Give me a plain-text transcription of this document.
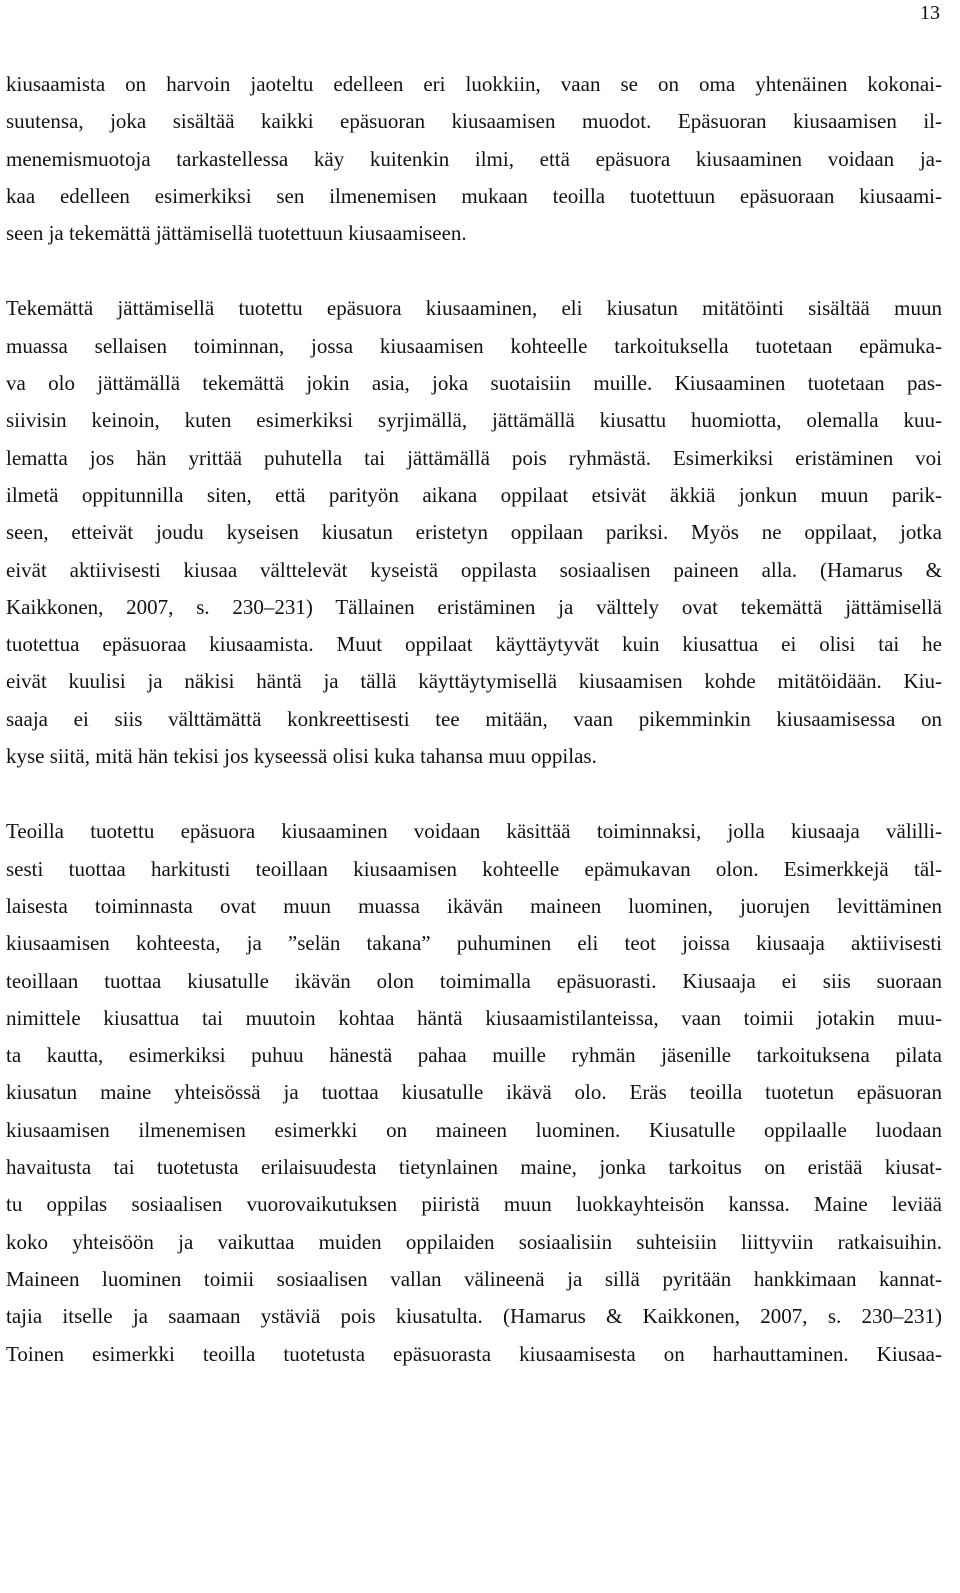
13
kiusaamista on harvoin jaoteltu edelleen eri luokkiin, vaan se on oma yhtenäinen kokonai-
suutensa, joka sisältää kaikki epäsuoran kiusaamisen muodot. Epäsuoran kiusaamisen il-
menemismuotoja tarkastellessa käy kuitenkin ilmi, että epäsuora kiusaaminen voidaan ja-
kaa edelleen esimerkiksi sen ilmenemisen mukaan teoilla tuotettuun epäsuoraan kiusaami-
seen ja tekemättä jättämisellä tuotettuun kiusaamiseen.
Tekemättä jättämisellä tuotettu epäsuora kiusaaminen, eli kiusatun mitätöinti sisältää muun
muassa sellaisen toiminnan, jossa kiusaamisen kohteelle tarkoituksella tuotetaan epämuka-
va olo jättämällä tekemättä jokin asia, joka suotaisiin muille. Kiusaaminen tuotetaan pas-
siivisin keinoin, kuten esimerkiksi syrjimällä, jättämällä kiusattu huomiotta, olemalla kuu-
lematta jos hän yrittää puhutella tai jättämällä pois ryhmästä. Esimerkiksi eristäminen voi
ilmetä oppitunnilla siten, että parityön aikana oppilaat etsivät äkkiä jonkun muun parik-
seen, etteivät joudu kyseisen kiusatun eristetyn oppilaan pariksi. Myös ne oppilaat, jotka
eivät aktiivisesti kiusaa välttelevät kyseistä oppilasta sosiaalisen paineen alla. (Hamarus &
Kaikkonen, 2007, s. 230–231) Tällainen eristäminen ja välttely ovat tekemättä jättämisellä
tuotettua epäsuoraa kiusaamista. Muut oppilaat käyttäytyvät kuin kiusattua ei olisi tai he
eivät kuulisi ja näkisi häntä ja tällä käyttäytymisellä kiusaamisen kohde mitätöidään. Kiu-
saaja ei siis välttämättä konkreettisesti tee mitään, vaan pikemminkin kiusaamisessa on
kyse siitä, mitä hän tekisi jos kyseessä olisi kuka tahansa muu oppilas.
Teoilla tuotettu epäsuora kiusaaminen voidaan käsittää toiminnaksi, jolla kiusaaja välilli-
sesti tuottaa harkitusti teoillaan kiusaamisen kohteelle epämukavan olon. Esimerkkejä täl-
laisesta toiminnasta ovat muun muassa ikävän maineen luominen, juorujen levittäminen
kiusaamisen kohteesta, ja ”selän takana” puhuminen eli teot joissa kiusaaja aktiivisesti
teoillaan tuottaa kiusatulle ikävän olon toimimalla epäsuorasti. Kiusaaja ei siis suoraan
nimittele kiusattua tai muutoin kohtaa häntä kiusaamistilanteissa, vaan toimii jotakin muu-
ta kautta, esimerkiksi puhuu hänestä pahaa muille ryhmän jäsenille tarkoituksena pilata
kiusatun maine yhteisössä ja tuottaa kiusatulle ikävä olo. Eräs teoilla tuotetun epäsuoran
kiusaamisen ilmenemisen esimerkki on maineen luominen. Kiusatulle oppilaalle luodaan
havaitusta tai tuotetusta erilaisuudesta tietynlainen maine, jonka tarkoitus on eristää kiusat-
tu oppilas sosiaalisen vuorovaikutuksen piiristä muun luokkayhteisön kanssa. Maine leviää
koko yhteisöön ja vaikuttaa muiden oppilaiden sosiaalisiin suhteisiin liittyviin ratkaisuihin.
Maineen luominen toimii sosiaalisen vallan välineenä ja sillä pyritään hankkimaan kannat-
tajia itselle ja saamaan ystäviä pois kiusatulta. (Hamarus & Kaikkonen, 2007, s. 230–231)
Toinen esimerkki teoilla tuotetusta epäsuorasta kiusaamisesta on harhauttaminen. Kiusaa-
